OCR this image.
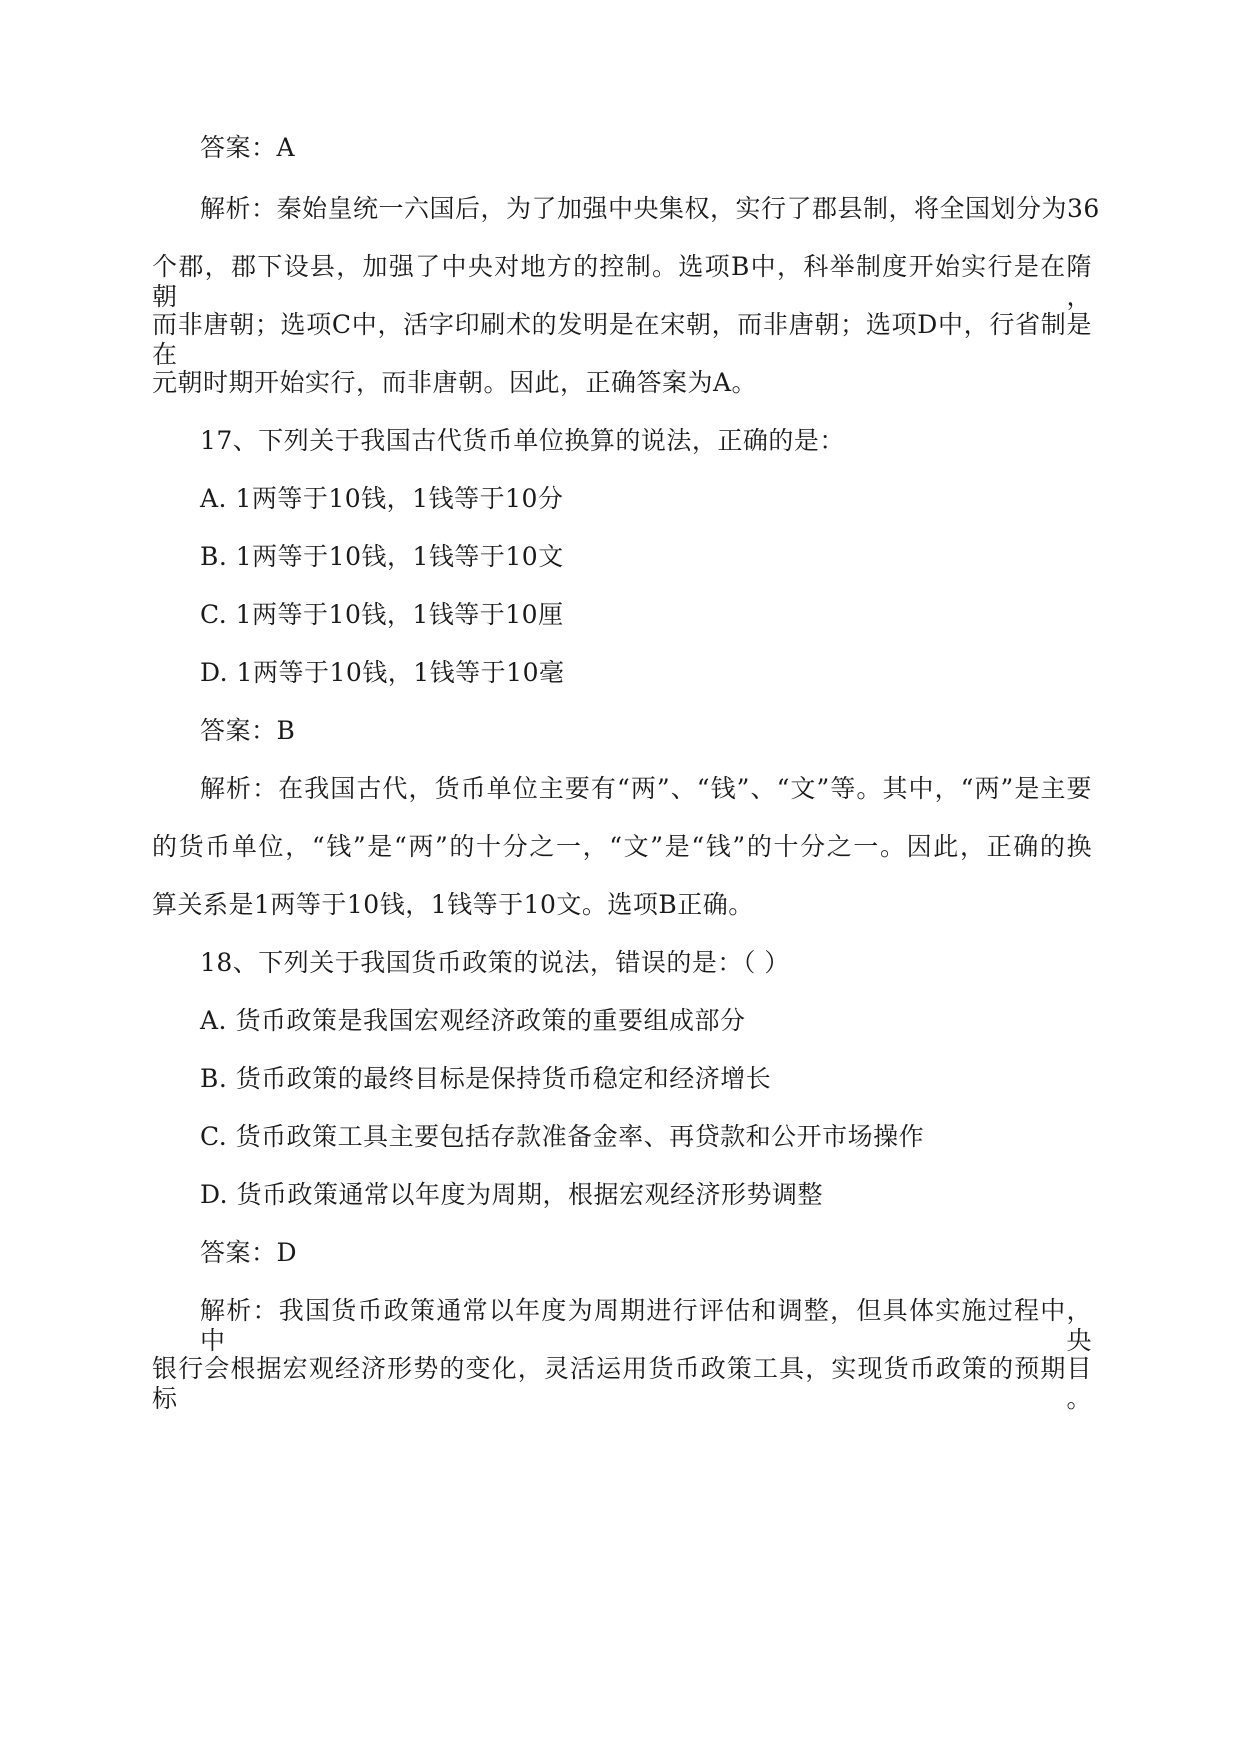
答案：A
解析：秦始皇统一六国后，为了加强中央集权，实行了郡县制，将全国划分为36
个郡，郡下设县，加强了中央对地方的控制。选项B中，科举制度开始实行是在隋朝，
而非唐朝；选项C中，活字印刷术的发明是在宋朝，而非唐朝；选项D中，行省制是在
元朝时期开始实行，而非唐朝。因此，正确答案为A。
17、下列关于我国古代货币单位换算的说法，正确的是：
A. 1两等于10钱，1钱等于10分
B. 1两等于10钱，1钱等于10文
C. 1两等于10钱，1钱等于10厘
D. 1两等于10钱，1钱等于10毫
答案：B
解析：在我国古代，货币单位主要有“两”、“钱”、“文”等。其中，“两”是主要
的货币单位，“钱”是“两”的十分之一，“文”是“钱”的十分之一。因此，正确的换
算关系是1两等于10钱，1钱等于10文。选项B正确。
18、下列关于我国货币政策的说法，错误的是：（ ）
A. 货币政策是我国宏观经济政策的重要组成部分
B. 货币政策的最终目标是保持货币稳定和经济增长
C. 货币政策工具主要包括存款准备金率、再贷款和公开市场操作
D. 货币政策通常以年度为周期，根据宏观经济形势调整
答案：D
解析：我国货币政策通常以年度为周期进行评估和调整，但具体实施过程中，中央
银行会根据宏观经济形势的变化，灵活运用货币政策工具，实现货币政策的预期目标。
